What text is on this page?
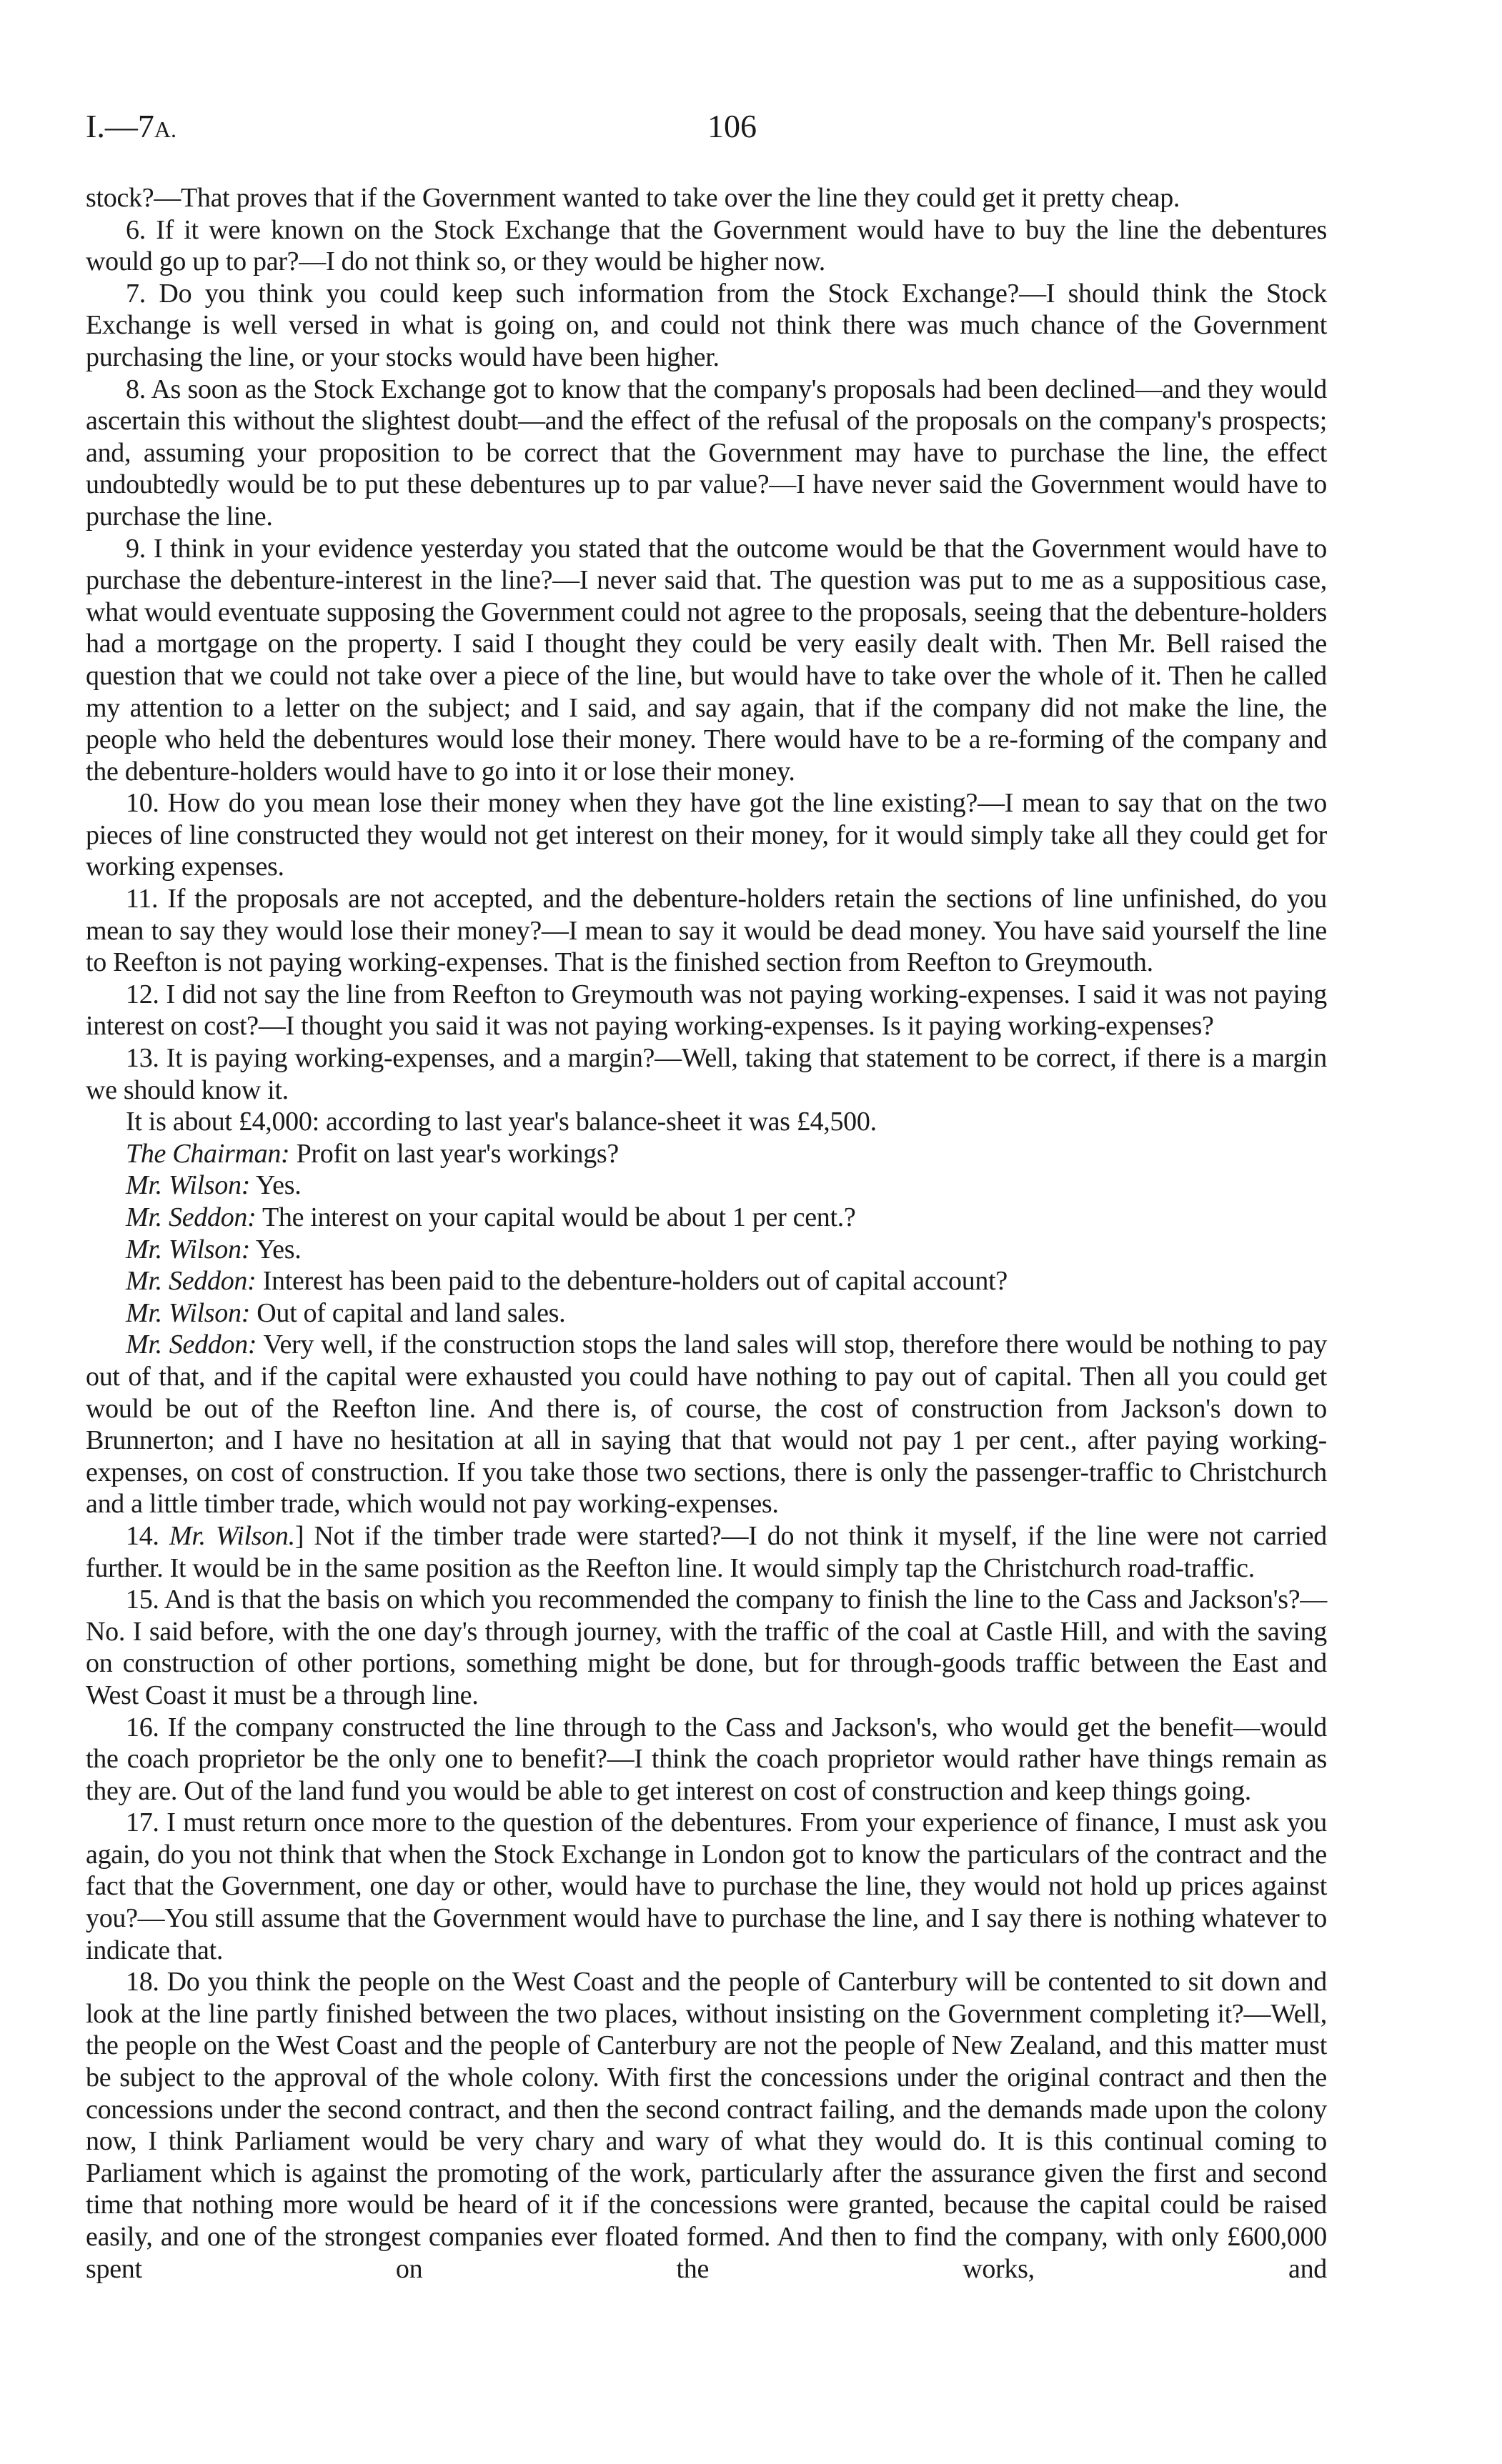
I.—7A.	106

stock?—That proves that if the Government wanted to take over the line they could get it pretty cheap.

6. If it were known on the Stock Exchange that the Government would have to buy the line the debentures would go up to par?—I do not think so, or they would be higher now.

7. Do you think you could keep such information from the Stock Exchange?—I should think the Stock Exchange is well versed in what is going on, and could not think there was much chance of the Government purchasing the line, or your stocks would have been higher.

8. As soon as the Stock Exchange got to know that the company's proposals had been declined—and they would ascertain this without the slightest doubt—and the effect of the refusal of the proposals on the company's prospects; and, assuming your proposition to be correct that the Government may have to purchase the line, the effect undoubtedly would be to put these debentures up to par value?—I have never said the Government would have to purchase the line.

9. I think in your evidence yesterday you stated that the outcome would be that the Government would have to purchase the debenture-interest in the line?—I never said that. The question was put to me as a suppositious case, what would eventuate supposing the Government could not agree to the proposals, seeing that the debenture-holders had a mortgage on the property. I said I thought they could be very easily dealt with. Then Mr. Bell raised the question that we could not take over a piece of the line, but would have to take over the whole of it. Then he called my attention to a letter on the subject; and I said, and say again, that if the company did not make the line, the people who held the debentures would lose their money. There would have to be a re-forming of the company and the debenture-holders would have to go into it or lose their money.

10. How do you mean lose their money when they have got the line existing?—I mean to say that on the two pieces of line constructed they would not get interest on their money, for it would simply take all they could get for working expenses.

11. If the proposals are not accepted, and the debenture-holders retain the sections of line unfinished, do you mean to say they would lose their money?—I mean to say it would be dead money. You have said yourself the line to Reefton is not paying working-expenses. That is the finished section from Reefton to Greymouth.

12. I did not say the line from Reefton to Greymouth was not paying working-expenses. I said it was not paying interest on cost?—I thought you said it was not paying working-expenses. Is it paying working-expenses?

13. It is paying working-expenses, and a margin?—Well, taking that statement to be correct, if there is a margin we should know it.

It is about £4,000: according to last year's balance-sheet it was £4,500.

The Chairman: Profit on last year's workings?

Mr. Wilson: Yes.

Mr. Seddon: The interest on your capital would be about 1 per cent.?

Mr. Wilson: Yes.

Mr. Seddon: Interest has been paid to the debenture-holders out of capital account?

Mr. Wilson: Out of capital and land sales.

Mr. Seddon: Very well, if the construction stops the land sales will stop, therefore there would be nothing to pay out of that, and if the capital were exhausted you could have nothing to pay out of capital. Then all you could get would be out of the Reefton line. And there is, of course, the cost of construction from Jackson's down to Brunnerton; and I have no hesitation at all in saying that that would not pay 1 per cent., after paying working-expenses, on cost of construction. If you take those two sections, there is only the passenger-traffic to Christchurch and a little timber trade, which would not pay working-expenses.

14. Mr. Wilson.] Not if the timber trade were started?—I do not think it myself, if the line were not carried further. It would be in the same position as the Reefton line. It would simply tap the Christchurch road-traffic.

15. And is that the basis on which you recommended the company to finish the line to the Cass and Jackson's?—No. I said before, with the one day's through journey, with the traffic of the coal at Castle Hill, and with the saving on construction of other portions, something might be done, but for through-goods traffic between the East and West Coast it must be a through line.

16. If the company constructed the line through to the Cass and Jackson's, who would get the benefit—would the coach proprietor be the only one to benefit?—I think the coach proprietor would rather have things remain as they are. Out of the land fund you would be able to get interest on cost of construction and keep things going.

17. I must return once more to the question of the debentures. From your experience of finance, I must ask you again, do you not think that when the Stock Exchange in London got to know the particulars of the contract and the fact that the Government, one day or other, would have to purchase the line, they would not hold up prices against you?—You still assume that the Government would have to purchase the line, and I say there is nothing whatever to indicate that.

18. Do you think the people on the West Coast and the people of Canterbury will be contented to sit down and look at the line partly finished between the two places, without insisting on the Government completing it?—Well, the people on the West Coast and the people of Canterbury are not the people of New Zealand, and this matter must be subject to the approval of the whole colony. With first the concessions under the original contract and then the concessions under the second contract, and then the second contract failing, and the demands made upon the colony now, I think Parliament would be very chary and wary of what they would do. It is this continual coming to Parliament which is against the promoting of the work, particularly after the assurance given the first and second time that nothing more would be heard of it if the concessions were granted, because the capital could be raised easily, and one of the strongest companies ever floated formed. And then to find the company, with only £600,000 spent on the works, and
